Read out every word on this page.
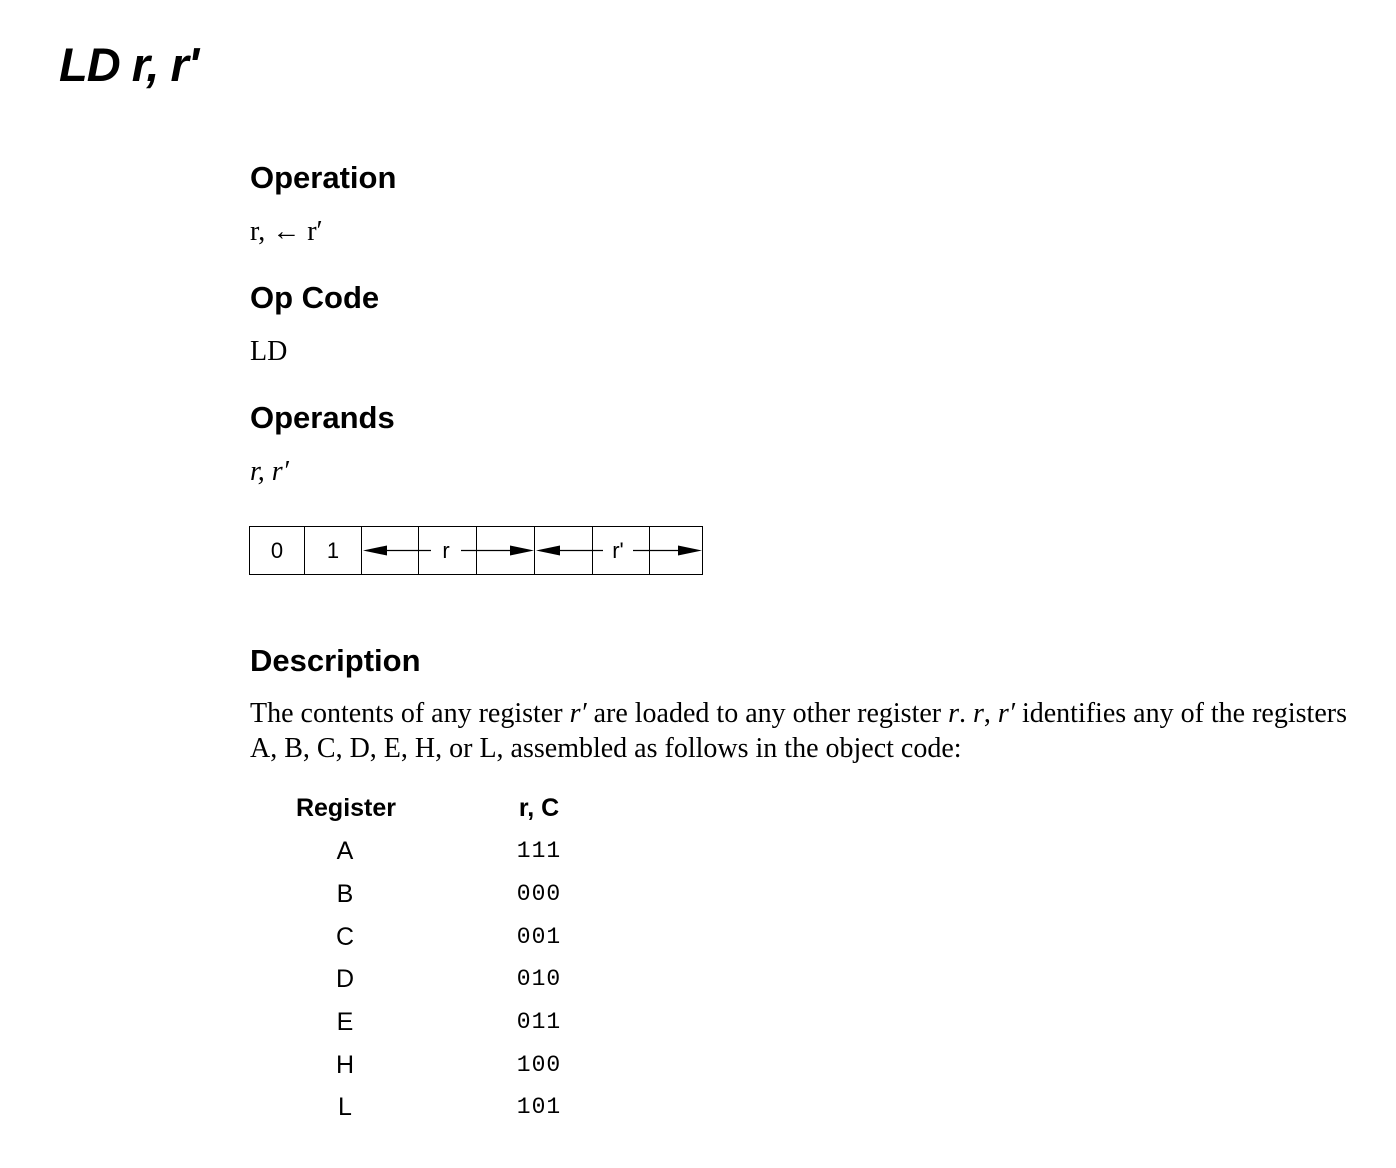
LD r, r'
Operation

r, ← r′

Op Code

LD

Operands

r, r′

0	1	r	r'
Description

The contents of any register r′ are loaded to any other register r. r, r′ identifies any of the registers A, B, C, D, E, H, or L, assembled as follows in the object code:

Register	r, C
A	111
B	000
C	001
D	010
E	011
H	100
L	101
